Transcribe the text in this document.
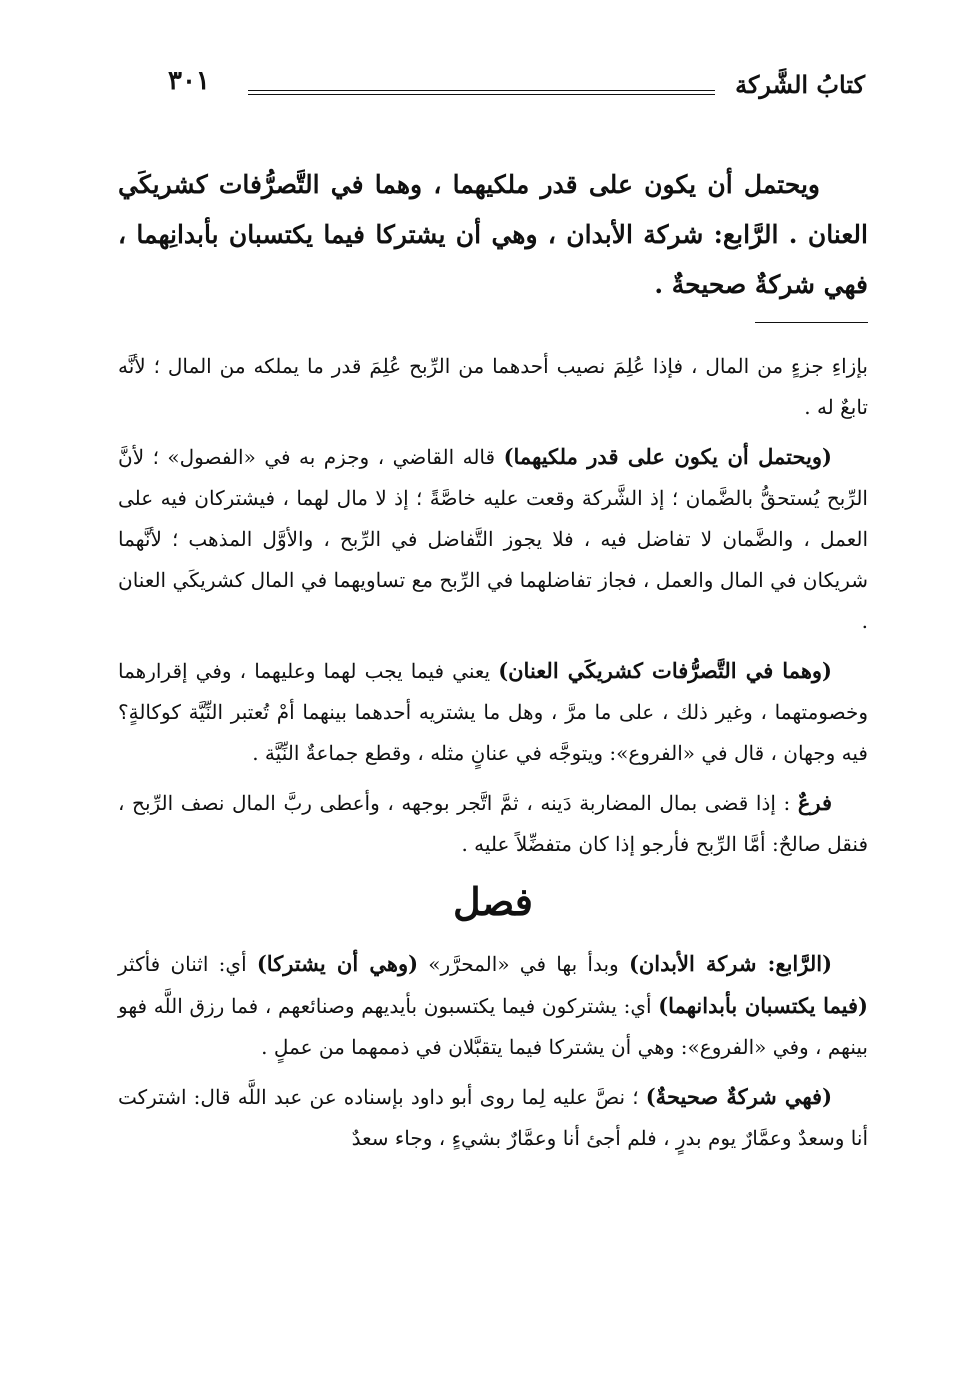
كتابُ الشَّركة
٣٠١

ويحتمل أن يكون على قدر ملكيهما ، وهما في التَّصرُّفات كشريكَي العنان . الرَّابع: شركة الأبدان ، وهي أن يشتركا فيما يكتسبان بأبدانِهما ، فهي شركةٌ صحيحةٌ .

بإزاءِ جزءٍ من المال ، فإذا عُلِمَ نصيب أحدهما من الرِّبح عُلِمَ قدر ما يملكه من المال ؛ لأنَّه تابعٌ له .

(ويحتمل أن يكون على قدر ملكيهما) قاله القاضي ، وجزم به في «الفصول» ؛ لأنَّ الرِّبح يُستحقُّ بالضَّمان ؛ إذ الشَّركة وقعت عليه خاصَّةً ؛ إذ لا مال لهما ، فيشتركان فيه على العمل ، والضَّمان لا تفاضل فيه ، فلا يجوز التَّفاضل في الرِّبح ، والأوَّل المذهب ؛ لأنَّهما شريكان في المال والعمل ، فجاز تفاضلهما في الرِّبح مع تساويهما في المال كشريكَي العنان .

(وهما في التَّصرُّفات كشريكَي العنان) يعني فيما يجب لهما وعليهما ، وفي إقرارهما وخصومتهما ، وغير ذلك ، على ما مرَّ ، وهل ما يشتريه أحدهما بينهما أمْ تُعتبر النِّيَّة كوكالةٍ؟ فيه وجهان ، قال في «الفروع»: ويتوجَّه في عنانٍ مثله ، وقطع جماعةٌ النِّيَّة .

فرعٌ : إذا قضى بمال المضاربة دَينه ، ثمَّ اتَّجر بوجهه ، وأعطى ربَّ المال نصف الرِّبح ، فنقل صالحٌ: أمَّا الرِّبح فأرجو إذا كان متفضِّلاً عليه .

فصل

(الرَّابع: شركة الأبدان) وبدأ بها في «المحرَّر» (وهي أن يشتركا) أي: اثنان فأكثر (فيما يكتسبان بأبدانهما) أي: يشتركون فيما يكتسبون بأيديهم وصنائعهم ، فما رزق اللَّه فهو بينهم ، وفي «الفروع»: وهي أن يشتركا فيما يتقبَّلان في ذممهما من عملٍ .

(فهي شركةٌ صحيحةٌ) ؛ نصَّ عليه لِما روى أبو داود بإسناده عن عبد اللَّه قال: اشتركت أنا وسعدٌ وعمَّارٌ يوم بدرٍ ، فلم أجئ أنا وعمَّارٌ بشيءٍ ، وجاء سعدٌ
